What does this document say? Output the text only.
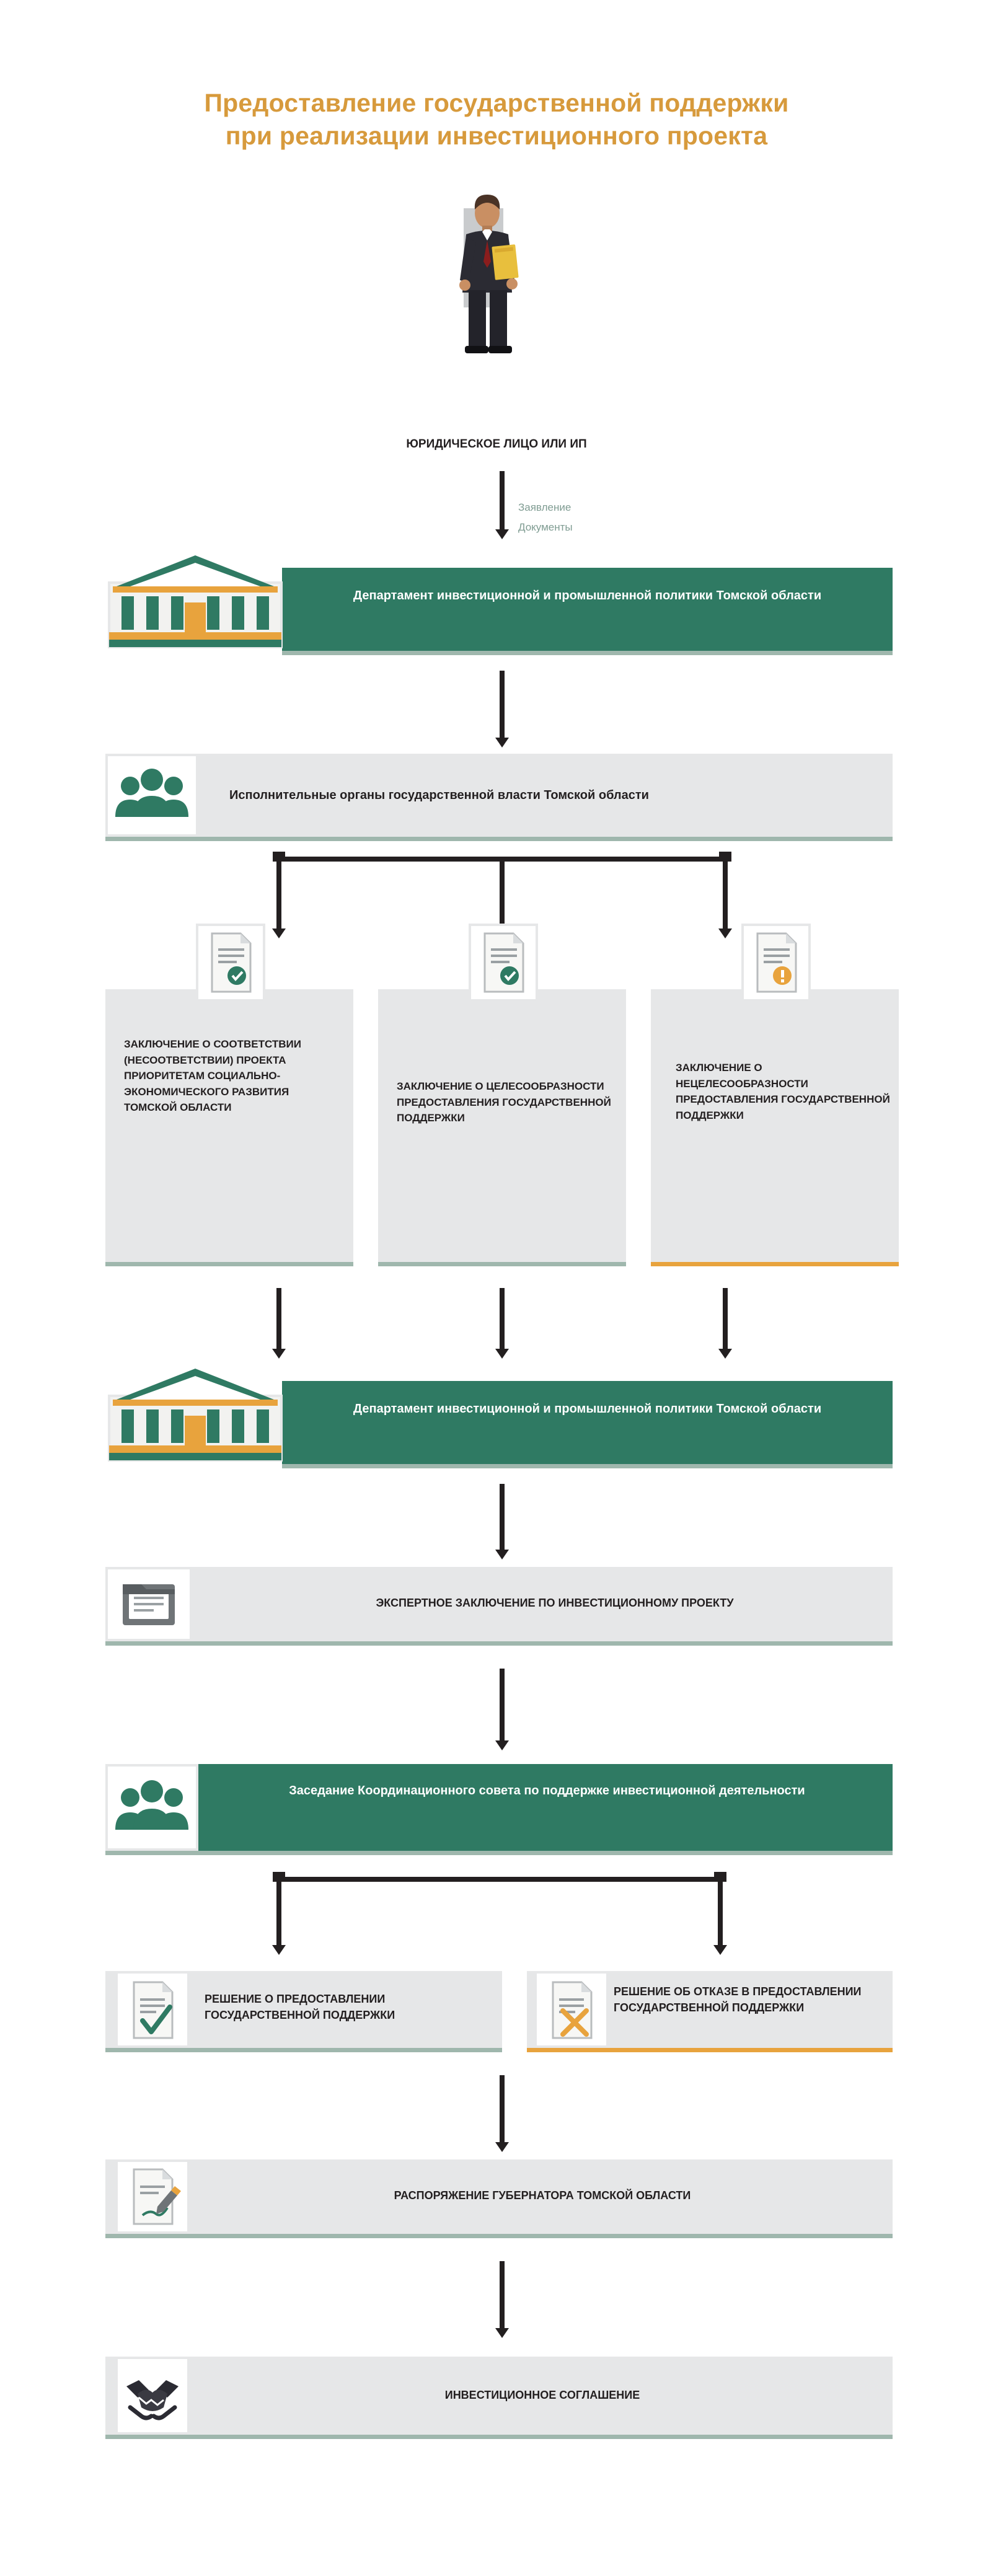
Предоставление государственной поддержки
при реализации инвестиционного проекта
ЮРИДИЧЕСКОЕ ЛИЦО ИЛИ ИП
Заявление
Документы
Департамент инвестиционной и промышленной политики Томской области
Исполнительные органы государственной власти Томской области
ЗАКЛЮЧЕНИЕ О СООТВЕТСТВИИ (НЕСООТВЕТСТВИИ) ПРОЕКТА ПРИОРИТЕТАМ СОЦИАЛЬНО-ЭКОНОМИЧЕСКОГО РАЗВИТИЯ ТОМСКОЙ ОБЛАСТИ
ЗАКЛЮЧЕНИЕ О ЦЕЛЕСООБРАЗНОСТИ ПРЕДОСТАВЛЕНИЯ ГОСУДАРСТВЕННОЙ ПОДДЕРЖКИ
ЗАКЛЮЧЕНИЕ О НЕЦЕЛЕСООБРАЗНОСТИ ПРЕДОСТАВЛЕНИЯ ГОСУДАРСТВЕННОЙ ПОДДЕРЖКИ
Департамент инвестиционной и промышленной политики Томской области
ЭКСПЕРТНОЕ ЗАКЛЮЧЕНИЕ ПО ИНВЕСТИЦИОННОМУ ПРОЕКТУ
Заседание Координационного совета по поддержке инвестиционной деятельности
РЕШЕНИЕ О ПРЕДОСТАВЛЕНИИ ГОСУДАРСТВЕННОЙ ПОДДЕРЖКИ
РЕШЕНИЕ ОБ ОТКАЗЕ В ПРЕДОСТАВЛЕНИИ ГОСУДАРСТВЕННОЙ ПОДДЕРЖКИ
РАСПОРЯЖЕНИЕ ГУБЕРНАТОРА ТОМСКОЙ ОБЛАСТИ
ИНВЕСТИЦИОННОЕ СОГЛАШЕНИЕ
